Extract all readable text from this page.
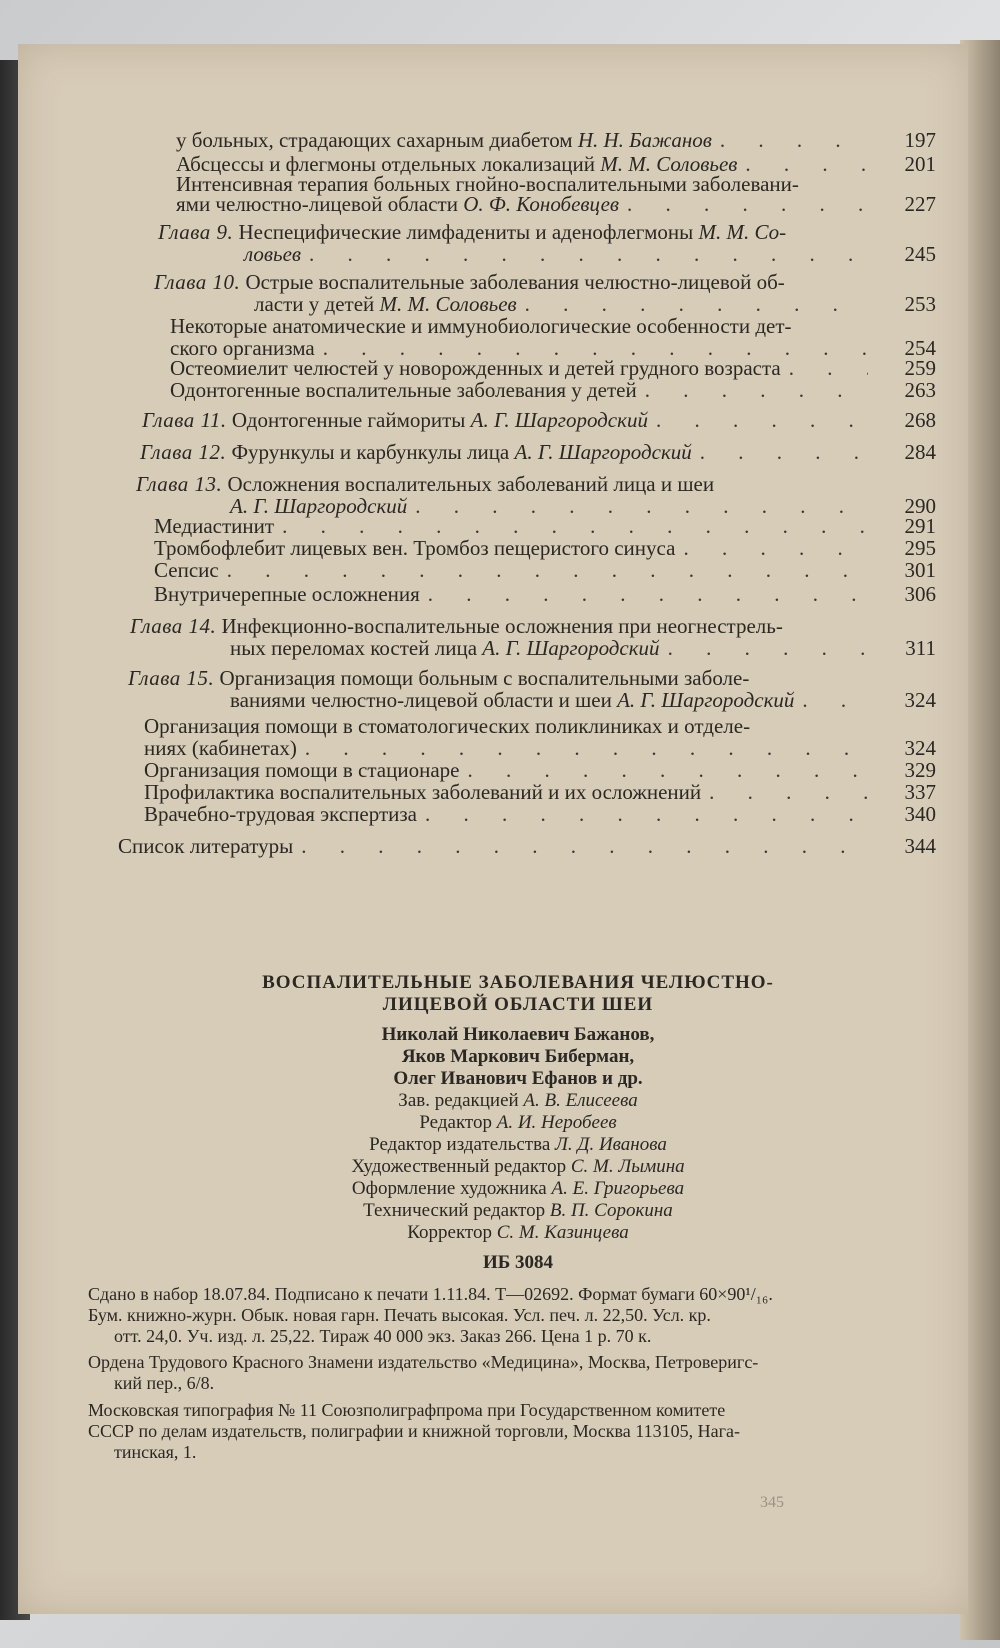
у больных, страдающих сахарным диабетом Н. Н. Бажанов . . .	197
Абсцессы и флегмоны отдельных локализаций М. М. Соловьев . . .	201
Интенсивная терапия больных гнойно-воспалительными заболевани-
ями челюстно-лицевой области О. Ф. Конобевцев . . .	227
Глава 9. Неспецифические лимфадениты и аденофлегмоны М. М. Со-
ловьев . . .	245
Глава 10. Острые воспалительные заболевания челюстно-лицевой об-
ласти у детей М. М. Соловьев . . .	253
Некоторые анатомические и иммунобиологические особенности дет-
ского организма . . .	254
Остеомиелит челюстей у новорожденных и детей грудного возраста . . .	259
Одонтогенные воспалительные заболевания у детей . . .	263
Глава 11. Одонтогенные гаймориты А. Г. Шаргородский . . .	268
Глава 12. Фурункулы и карбункулы лица А. Г. Шаргородский . . .	284
Глава 13. Осложнения воспалительных заболеваний лица и шеи
А. Г. Шаргородский . . .	290
Медиастинит . . .	291
Тромбофлебит лицевых вен. Тромбоз пещеристого синуса . . .	295
Сепсис . . .	301
Внутричерепные осложнения . . .	306
Глава 14. Инфекционно-воспалительные осложнения при неогнестрель-
ных переломах костей лица А. Г. Шаргородский . . .	311
Глава 15. Организация помощи больным с воспалительными заболе-
ваниями челюстно-лицевой области и шеи А. Г. Шаргородский . . .	324
Организация помощи в стоматологических поликлиниках и отделе-
ниях (кабинетах) . . .	324
Организация помощи в стационаре . . .	329
Профилактика воспалительных заболеваний и их осложнений . . .	337
Врачебно-трудовая экспертиза . . .	340
Список литературы . . .	344
ВОСПАЛИТЕЛЬНЫЕ ЗАБОЛЕВАНИЯ ЧЕЛЮСТНО-
ЛИЦЕВОЙ ОБЛАСТИ ШЕИ
Николай Николаевич Бажанов,
Яков Маркович Биберман,
Олег Иванович Ефанов и др.
Зав. редакцией А. В. Елисеева
Редактор А. И. Неробеев
Редактор издательства Л. Д. Иванова
Художественный редактор С. М. Лымина
Оформление художника А. Е. Григорьева
Технический редактор В. П. Сорокина
Корректор С. М. Казинцева
ИБ 3084
Сдано в набор 18.07.84. Подписано к печати 1.11.84. Т—02692. Формат бумаги 60×90¹/₁₆.
Бум. книжно-журн. Обык. новая гарн. Печать высокая. Усл. печ. л. 22,50. Усл. кр.
отт. 24,0. Уч. изд. л. 25,22. Тираж 40 000 экз. Заказ 266. Цена 1 р. 70 к.
Ордена Трудового Красного Знамени издательство «Медицина», Москва, Петроверигс-
кий пер., 6/8.
Московская типография № 11 Союзполиграфпрома при Государственном комитете
СССР по делам издательств, полиграфии и книжной торговли, Москва 113105, Нага-
тинская, 1.
345
